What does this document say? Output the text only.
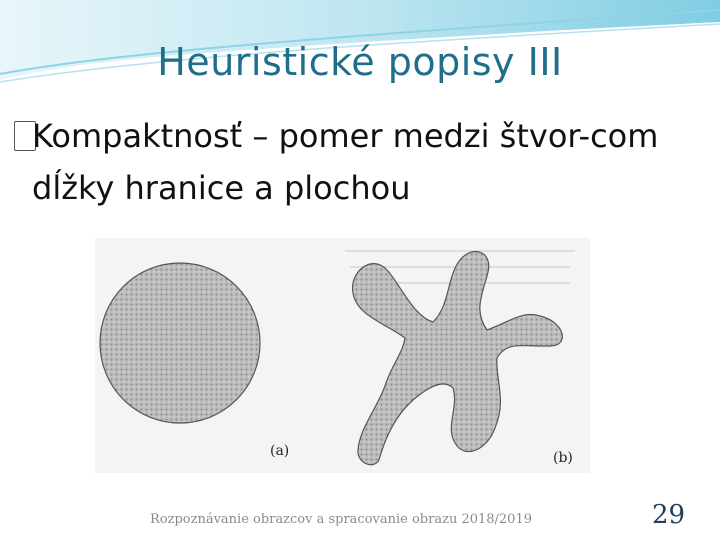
Heuristické popisy III
Kompaktnosť – pomer medzi štvor-com dĺžky hranice a plochou
(a)	(b)
Rozpoznávanie obrazcov a spracovanie obrazu 2018/2019	29
